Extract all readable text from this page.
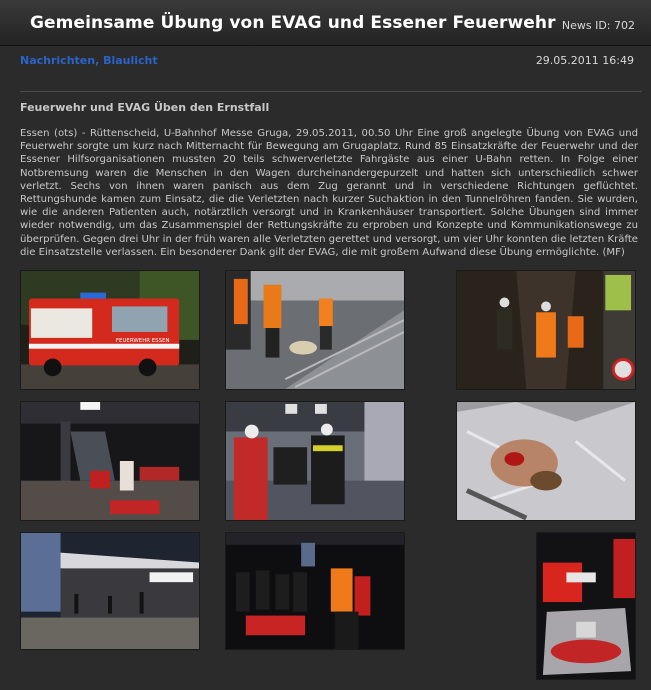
Gemeinsame Übung von EVAG und Essener Feuerwehr News ID: 702
Nachrichten, Blaulicht	29.05.2011 16:49
Feuerwehr und EVAG Üben den Ernstfall
Essen (ots) - Rüttenscheid, U-Bahnhof Messe Gruga, 29.05.2011, 00.50 Uhr Eine groß angelegte Übung von EVAG und Feuerwehr sorgte um kurz nach Mitternacht für Bewegung am Grugaplatz. Rund 85 Einsatzkräfte der Feuerwehr und der Essener Hilfsorganisationen mussten 20 teils schwerverletzte Fahrgäste aus einer U-Bahn retten. In Folge einer Notbremsung waren die Menschen in den Wagen durcheinandergepurzelt und hatten sich unterschiedlich schwer verletzt. Sechs von ihnen waren panisch aus dem Zug gerannt und in verschiedene Richtungen geflüchtet. Rettungshunde kamen zum Einsatz, die die Verletzten nach kurzer Suchaktion in den Tunnelröhren fanden. Sie wurden, wie die anderen Patienten auch, notärztlich versorgt und in Krankenhäuser transportiert. Solche Übungen sind immer wieder notwendig, um das Zusammenspiel der Rettungskräfte zu erproben und Konzepte und Kommunikationswege zu überprüfen. Gegen drei Uhr in der früh waren alle Verletzten gerettet und versorgt, um vier Uhr konnten die letzten Kräfte die Einsatzstelle verlassen. Ein besonderer Dank gilt der EVAG, die mit großem Aufwand diese Übung ermöglichte. (MF)
FEUERWEHR ESSEN
